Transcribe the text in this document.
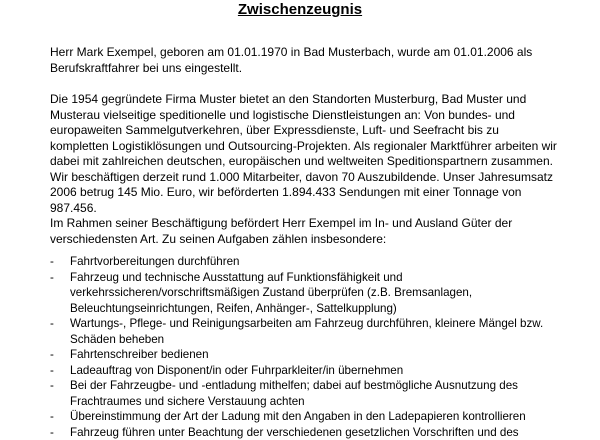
Zwischenzeugnis

Herr Mark Exempel, geboren am 01.01.1970 in Bad Musterbach, wurde am 01.01.2006 als Berufskraftfahrer bei uns eingestellt.

Die 1954 gegründete Firma Muster bietet an den Standorten Musterburg, Bad Muster und Musterau vielseitige speditionelle und logistische Dienstleistungen an: Von bundes- und europaweiten Sammelgutverkehren, über Expressdienste, Luft- und Seefracht bis zu kompletten Logistiklösungen und Outsourcing-Projekten. Als regionaler Marktführer arbeiten wir dabei mit zahlreichen deutschen, europäischen und weltweiten Speditionspartnern zusammen. Wir beschäftigen derzeit rund 1.000 Mitarbeiter, davon 70 Auszubildende. Unser Jahresumsatz 2006 betrug 145 Mio. Euro, wir beförderten 1.894.433 Sendungen mit einer Tonnage von 987.456.

Im Rahmen seiner Beschäftigung befördert Herr Exempel im In- und Ausland Güter der verschiedensten Art. Zu seinen Aufgaben zählen insbesondere:

- Fahrtvorbereitungen durchführen
- Fahrzeug und technische Ausstattung auf Funktionsfähigkeit und verkehrssicheren/vorschriftsmäßigen Zustand überprüfen (z.B. Bremsanlagen, Beleuchtungseinrichtungen, Reifen, Anhänger-, Sattelkupplung)
- Wartungs-, Pflege- und Reinigungsarbeiten am Fahrzeug durchführen, kleinere Mängel bzw. Schäden beheben
- Fahrtenschreiber bedienen
- Ladeauftrag von Disponent/in oder Fuhrparkleiter/in übernehmen
- Bei der Fahrzeugbe- und -entladung mithelfen; dabei auf bestmögliche Ausnutzung des Frachtraumes und sichere Verstauung achten
- Übereinstimmung der Art der Ladung mit den Angaben in den Ladepapieren kontrollieren
- Fahrzeug führen unter Beachtung der verschiedenen gesetzlichen Vorschriften und des
